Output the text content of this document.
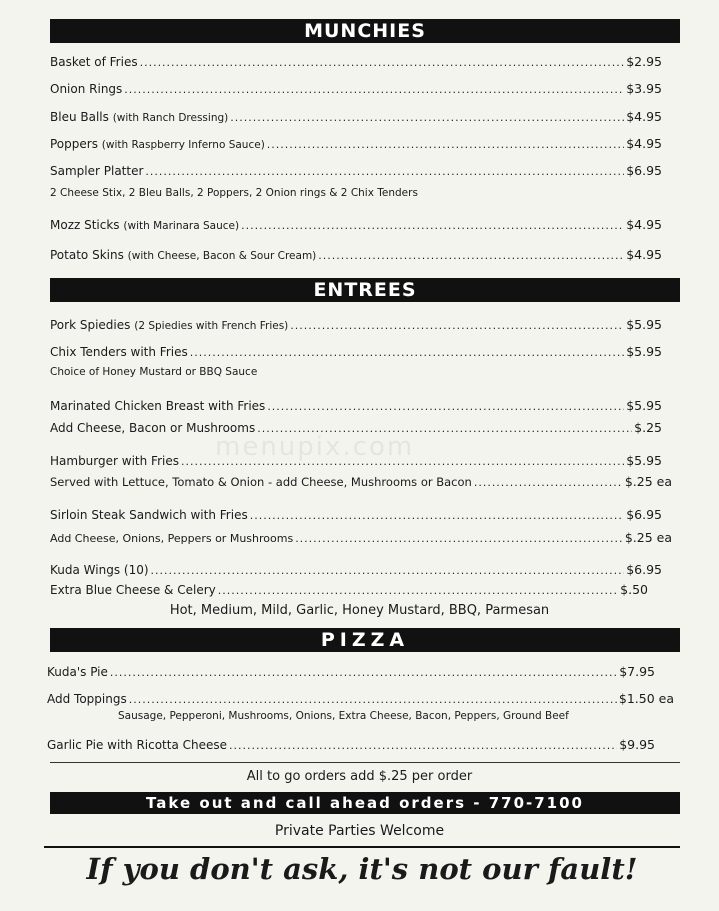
menupix.com
MUNCHIES
Basket of Fries .....	$2.95
Onion Rings .....	$3.95
Bleu Balls (with Ranch Dressing) .....	$4.95
Poppers (with Raspberry Inferno Sauce) .....	$4.95
Sampler Platter .....	$6.95
2 Cheese Stix, 2 Bleu Balls, 2 Poppers, 2 Onion rings & 2 Chix Tenders
Mozz Sticks (with Marinara Sauce) .....	$4.95
Potato Skins (with Cheese, Bacon & Sour Cream) .....	$4.95
ENTREES
Pork Spiedies (2 Spiedies with French Fries) .....	$5.95
Chix Tenders with Fries .....	$5.95
Choice of Honey Mustard or BBQ Sauce
Marinated Chicken Breast with Fries .....	$5.95
Add Cheese, Bacon or Mushrooms .....	$.25
Hamburger with Fries .....	$5.95
Served with Lettuce, Tomato & Onion - add Cheese, Mushrooms or Bacon .....	$.25 ea
Sirloin Steak Sandwich with Fries .....	$6.95
Add Cheese, Onions, Peppers or Mushrooms .....	$.25 ea
Kuda Wings (10) .....	$6.95
Extra Blue Cheese & Celery .....	$.50
Hot, Medium, Mild, Garlic, Honey Mustard, BBQ, Parmesan
PIZZA
Kuda's Pie .....	$7.95
Add Toppings .....	$1.50 ea
Sausage, Pepperoni, Mushrooms, Onions, Extra Cheese, Bacon, Peppers, Ground Beef
Garlic Pie with Ricotta Cheese .....	$9.95
All to go orders add $.25 per order
Take out and call ahead orders - 770-7100
Private Parties Welcome
If you don't ask, it's not our fault!
